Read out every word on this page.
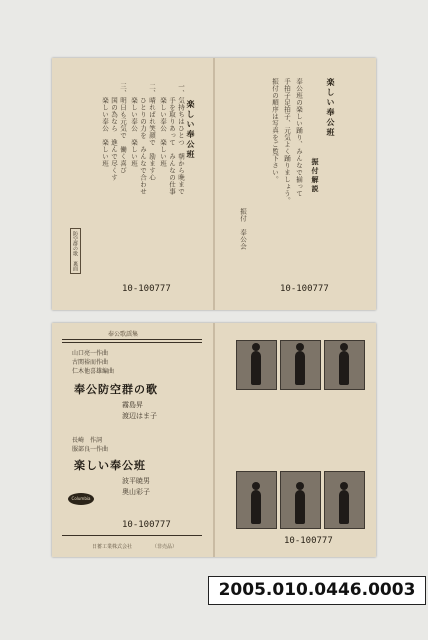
楽しい奉公班
一、気持ちはひとつ　朝から晩まで
　　手を取りあって　みんなの仕事
　　楽しい奉公　楽しい班
二、晴ればれ笑顔で　励ます心
　　ひとりの力を　みんなで合わせ
　　楽しい奉公　楽しい班
三、明日も元気で　働く喜び
　　国の為なら　進んで尽くす
　　楽しい奉公　楽しい班
防空群の歌　裏面
10-100777
楽しい奉公班
振付解説
奉公班の楽しい踊り、みんなで揃って
手拍子足拍子、元気よく踊りましょう。
振付の順序は写真をご覧下さい。
振付　奉公会
10-100777
奉公歌謡集
山口亮一作曲
古関裕而作曲
仁木他喜雄編曲
奉公防空群の歌
霧島昇
渡辺はま子
長崎　作詞
服部良一作曲
楽しい奉公班
波平暁男
奥山彩子
Columbia
10-100777
日蓄工業株式会社	（非売品）
10-100777
2005.010.0446.0003
